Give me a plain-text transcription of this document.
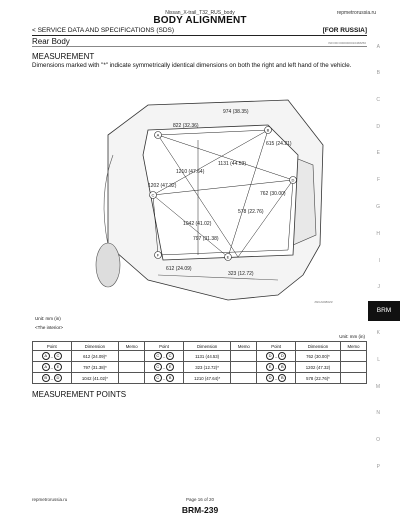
Nissan_X-trail_T32_RUS_body	repmetrorussia.ru
BODY ALIGNMENT
< SERVICE DATA AND SPECIFICATIONS (SDS)	[FOR RUSSIA]
Rear Body	INFOID:0000000010468250
MEASUREMENT
Dimensions marked with "*" indicate symmetrically identical dimensions on both the right and left hand of the vehicle.
A
B
C
D
E
F
974 (38.35)
822 (32.36)
615 (24.21)
1131 (44.53)
1210 (47.64)
1202 (47.32)
762 (30.00)
578 (22.76)
1042 (41.02)
797 (31.38)
612 (24.09)
323 (12.72)
JSKIA0980ZZ
Unit: mm (in)
<The interior>
Unit: mm (in)
Point	Dimension	Memo	Point	Dimension	Memo	Point	Dimension	Memo

A – C	612 (24.09)*		C – C	1131 (44.53)		D – D	762 (30.00)*	

A – E	797 (31.38)*		C – E	323 (12.72)*		E – B	1202 (47.32)	

B – D	1042 (41.02)*		C – B	1210 (47.64)*		D – B	578 (22.76)*	
MEASUREMENT POINTS
repmetrorussia.ru	Page 16 of 20
BRM-239
A
B
C
D
E
F
G
H
I
J
BRM
K
L
M
N
O
P
